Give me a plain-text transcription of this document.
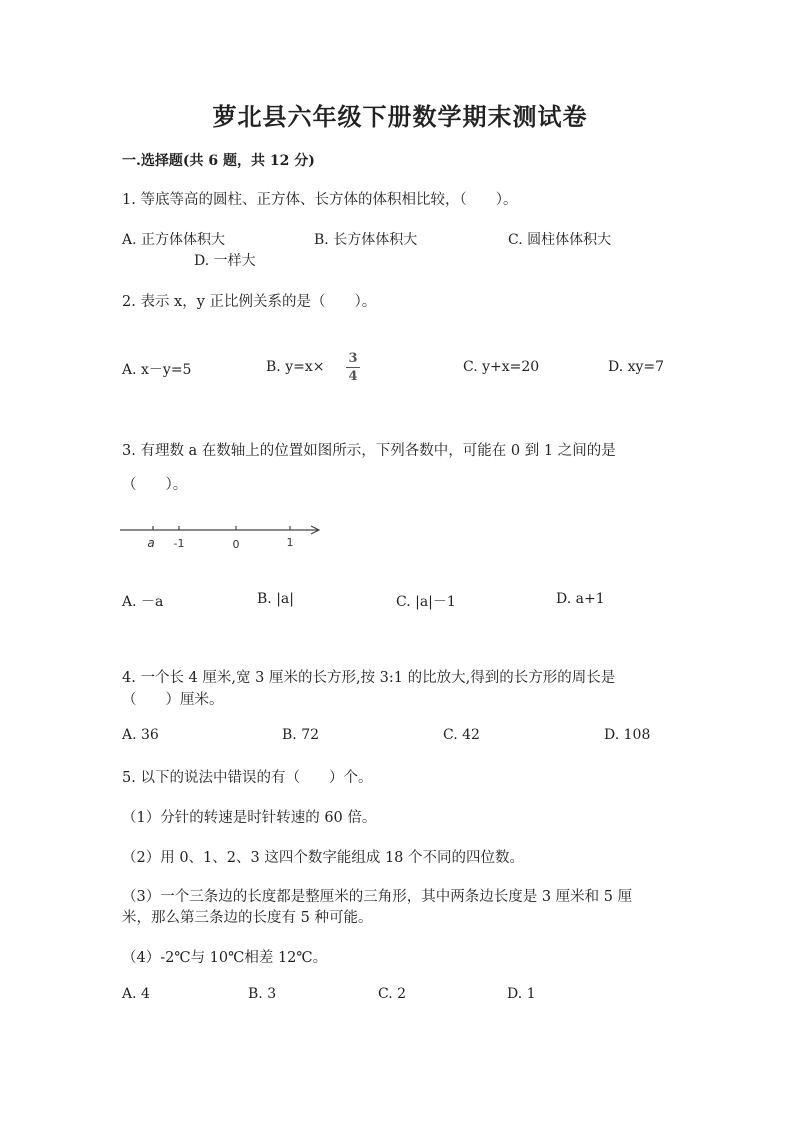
萝北县六年级下册数学期末测试卷
一.选择题(共 6 题，共 12 分)
1. 等底等高的圆柱、正方体、长方体的体积相比较，（　　）。
A. 正方体体积大	B. 长方体体积大	C. 圆柱体体积大
D. 一样大
2. 表示 x，y 正比例关系的是（　　）。
A. x－y=5	B. y=x×
3
4
C. y+x=20	D. xy=7
3. 有理数 a 在数轴上的位置如图所示，下列各数中，可能在 0 到 1 之间的是
（　　）。
a -1	0	1
A. －a	B. |a|	C. |a|－1	D. a+1
4. 一个长 4 厘米,宽 3 厘米的长方形,按 3:1 的比放大,得到的长方形的周长是
（　　）厘米。
A. 36	B. 72	C. 42	D. 108
5. 以下的说法中错误的有（　　）个。
（1）分针的转速是时针转速的 60 倍。
（2）用 0、1、2、3 这四个数字能组成 18 个不同的四位数。
（3）一个三条边的长度都是整厘米的三角形，其中两条边长度是 3 厘米和 5 厘
米，那么第三条边的长度有 5 种可能。
（4）-2℃与 10℃相差 12℃。
A. 4	B. 3	C. 2	D. 1
